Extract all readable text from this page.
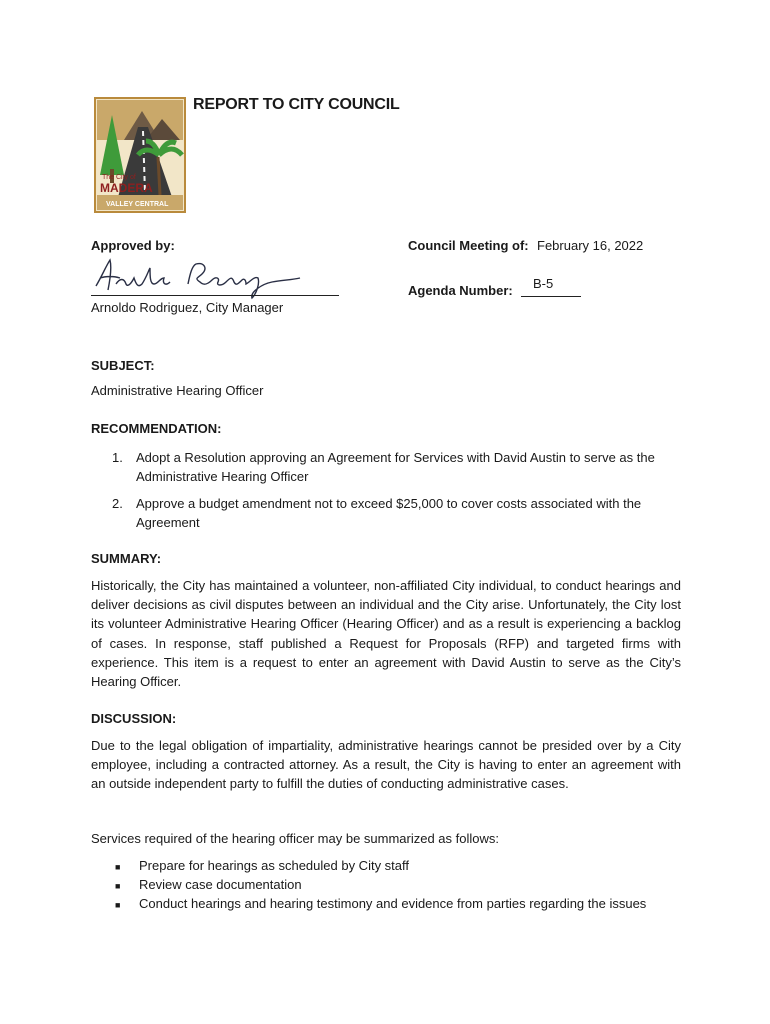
The City of
MADERA
VALLEY CENTRAL
REPORT TO CITY COUNCIL
Approved by:
Arnoldo Rodriguez, City Manager
Council Meeting of: February 16, 2022
Agenda Number: B-5
SUBJECT:
Administrative Hearing Officer
RECOMMENDATION:
1. Adopt a Resolution approving an Agreement for Services with David Austin to serve as the Administrative Hearing Officer
2. Approve a budget amendment not to exceed $25,000 to cover costs associated with the Agreement
SUMMARY:
Historically, the City has maintained a volunteer, non-affiliated City individual, to conduct hearings and deliver decisions as civil disputes between an individual and the City arise. Unfortunately, the City lost its volunteer Administrative Hearing Officer (Hearing Officer) and as a result is experiencing a backlog of cases. In response, staff published a Request for Proposals (RFP) and targeted firms with experience. This item is a request to enter an agreement with David Austin to serve as the City’s Hearing Officer.
DISCUSSION:
Due to the legal obligation of impartiality, administrative hearings cannot be presided over by a City employee, including a contracted attorney. As a result, the City is having to enter an agreement with an outside independent party to fulfill the duties of conducting administrative cases.
Services required of the hearing officer may be summarized as follows:
■ Prepare for hearings as scheduled by City staff
■ Review case documentation
■ Conduct hearings and hearing testimony and evidence from parties regarding the issues
